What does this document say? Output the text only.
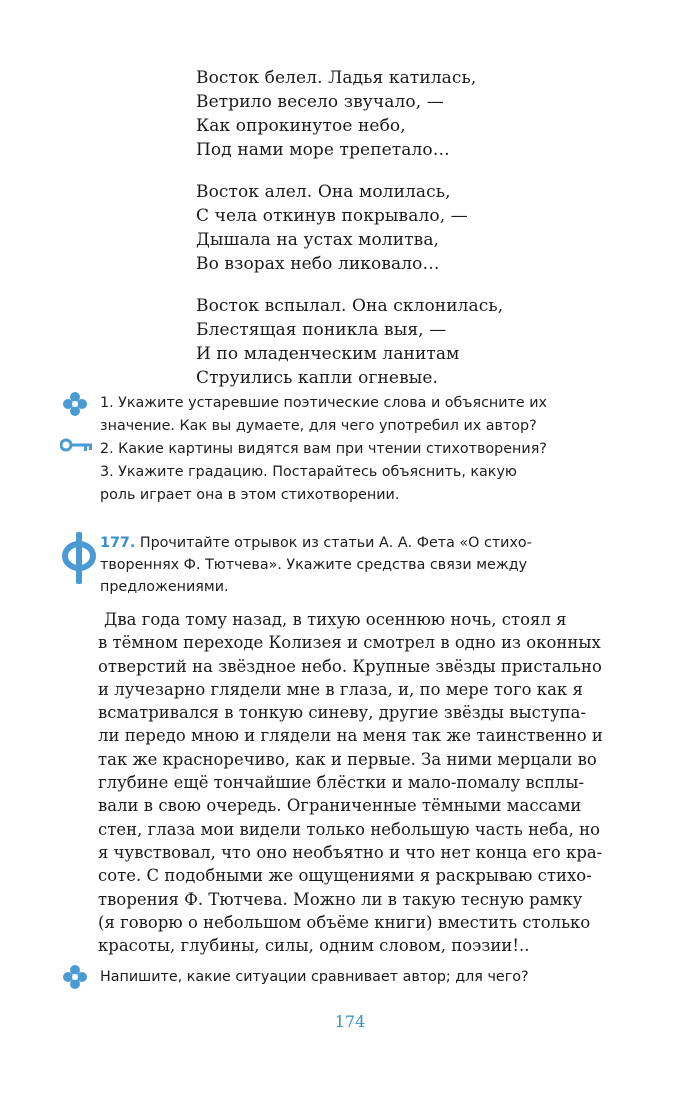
Восток белел. Ладья катилась,
Ветрило весело звучало, —
Как опрокинутое небо,
Под нами море трепетало…
Восток алел. Она молилась,
С чела откинув покрывало, —
Дышала на устах молитва,
Во взорах небо ликовало…
Восток вспылал. Она склонилась,
Блестящая поникла выя, —
И по младенческим ланитам
Струились капли огневые.
1. Укажите устаревшие поэтические слова и объясните их
значение. Как вы думаете, для чего употребил их автор?
2. Какие картины видятся вам при чтении стихотворения?
3. Укажите градацию. Постарайтесь объяснить, какую
роль играет она в этом стихотворении.
177. Прочитайте отрывок из статьи А. А. Фета «О стихо-
твореннях Ф. Тютчева». Укажите средства связи между
предложениями.
Два года тому назад, в тихую осеннюю ночь, стоял я
в тёмном переходе Колизея и смотрел в одно из оконных
отверстий на звёздное небо. Крупные звёзды пристально
и лучезарно глядели мне в глаза, и, по мере того как я
всматривался в тонкую синеву, другие звёзды выступа-
ли передо мною и глядели на меня так же таинственно и
так же красноречиво, как и первые. За ними мерцали во
глубине ещё тончайшие блёстки и мало-помалу всплы-
вали в свою очередь. Ограниченные тёмными массами
стен, глаза мои видели только небольшую часть неба, но
я чувствовал, что оно необъятно и что нет конца его кра-
соте. С подобными же ощущениями я раскрываю стихо-
творения Ф. Тютчева. Можно ли в такую тесную рамку
(я говорю о небольшом объёме книги) вместить столько
красоты, глубины, силы, одним словом, поэзии!..
Напишите, какие ситуации сравнивает автор; для чего?
174
